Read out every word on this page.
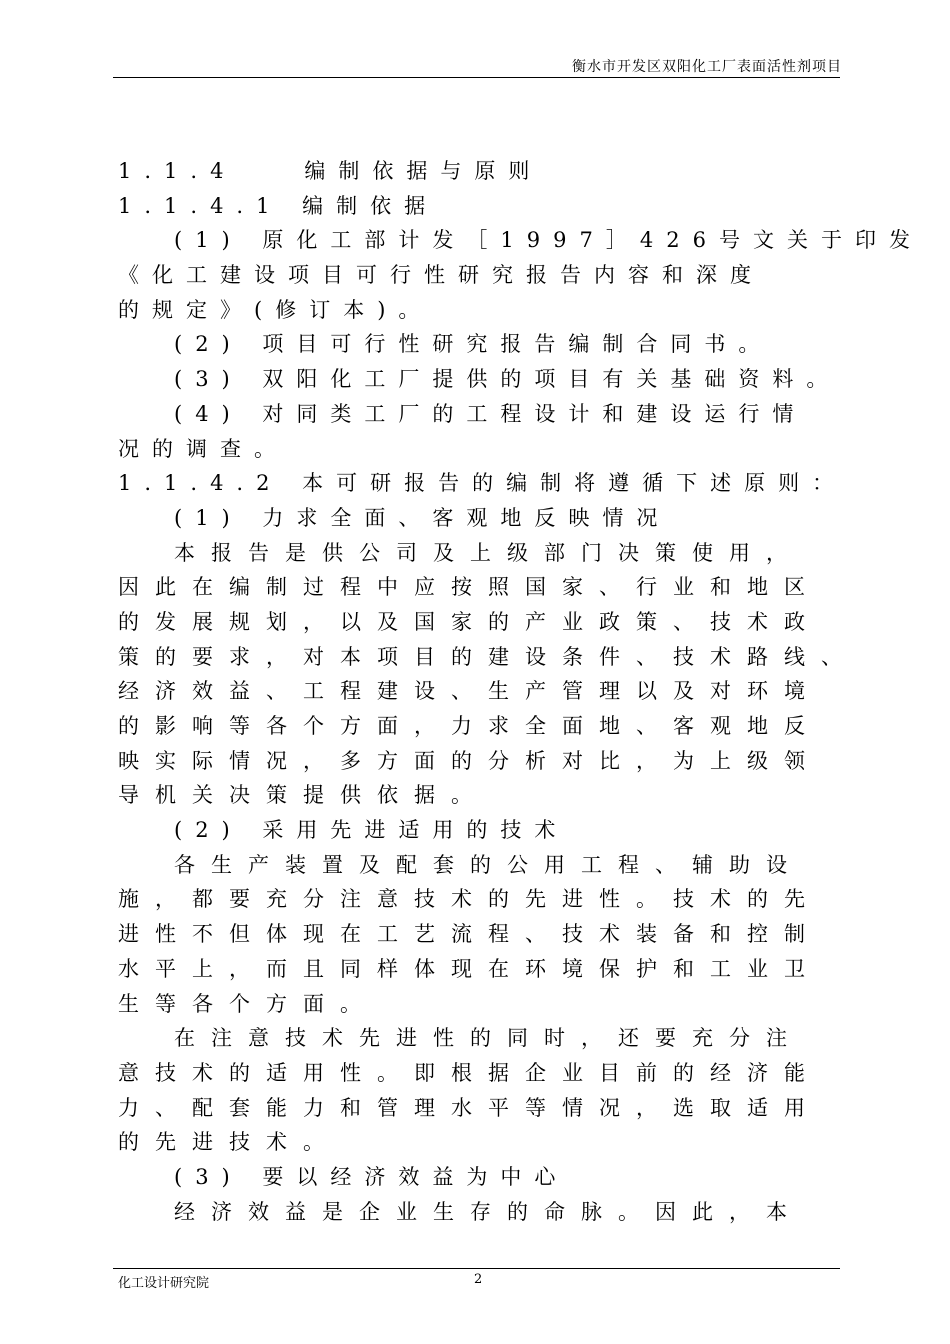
衡水市开发区双阳化工厂表面活性剂项目
1.1.4　　编制依据与原则
1.1.4.1 编制依据
(1) 原化工部计发［1997］426号文关于印发
《化工建设项目可行性研究报告内容和深度
的规定》(修订本)。
(2) 项目可行性研究报告编制合同书。
(3) 双阳化工厂提供的项目有关基础资料。
(4) 对同类工厂的工程设计和建设运行情
况的调查。
1.1.4.2 本可研报告的编制将遵循下述原则：
(1) 力求全面、客观地反映情况
本报告是供公司及上级部门决策使用，
因此在编制过程中应按照国家、行业和地区
的发展规划，以及国家的产业政策、技术政
策的要求，对本项目的建设条件、技术路线、
经济效益、工程建设、生产管理以及对环境
的影响等各个方面，力求全面地、客观地反
映实际情况，多方面的分析对比，为上级领
导机关决策提供依据。
(2) 采用先进适用的技术
各生产装置及配套的公用工程、辅助设
施，都要充分注意技术的先进性。技术的先
进性不但体现在工艺流程、技术装备和控制
水平上，而且同样体现在环境保护和工业卫
生等各个方面。
在注意技术先进性的同时，还要充分注
意技术的适用性。即根据企业目前的经济能
力、配套能力和管理水平等情况，选取适用
的先进技术。
(3) 要以经济效益为中心
经济效益是企业生存的命脉。因此，本
化工设计研究院	2
